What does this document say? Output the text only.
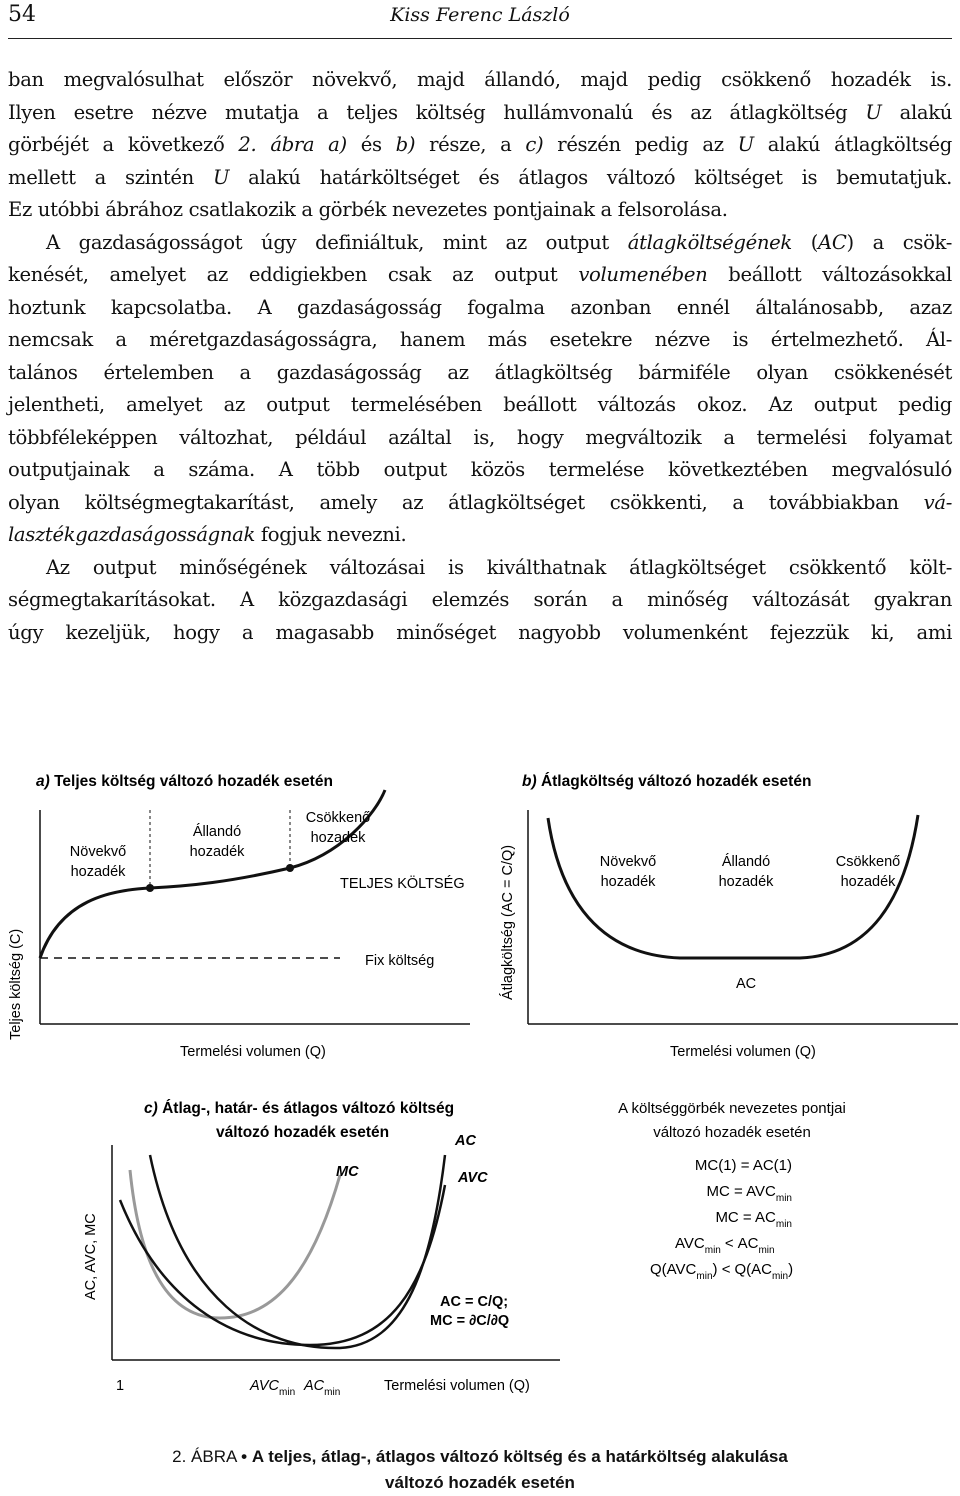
54	Kiss Ferenc László

ban megvalósulhat először növekvő, majd állandó, majd pedig csökkenő hozadék is.
Ilyen esetre nézve mutatja a teljes költség hullámvonalú és az átlagköltség U alakú
görbéjét a következő 2. ábra a) és b) része, a c) részén pedig az U alakú átlagköltség
mellett a szintén U alakú határköltséget és átlagos változó költséget is bemutatjuk.
Ez utóbbi ábrához csatlakozik a görbék nevezetes pontjainak a felsorolása.

A gazdaságosságot úgy definiáltuk, mint az output átlagköltségének (AC) a csök-
kenését, amelyet az eddigiekben csak az output volumenében beállott változásokkal
hoztunk kapcsolatba. A gazdaságosság fogalma azonban ennél általánosabb, azaz
nemcsak a méretgazdaságosságra, hanem más esetekre nézve is értelmezhető. Ál-
talános értelemben a gazdaságosság az átlagköltség bármiféle olyan csökkenését
jelentheti, amelyet az output termelésében beállott változás okoz. Az output pedig
többféleképpen változhat, például azáltal is, hogy megváltozik a termelési folyamat
outputjainak a száma. A több output közös termelése következtében megvalósuló
olyan költségmegtakarítást, amely az átlagköltséget csökkenti, a továbbiakban vá-
lasztékgazdaságosságnak fogjuk nevezni.

Az output minőségének változásai is kiválthatnak átlagköltséget csökkentő költ-
ségmegtakarításokat. A közgazdasági elemzés során a minőség változását gyakran
úgy kezeljük, hogy a magasabb minőséget nagyobb volumenként fejezzük ki, ami

a) Teljes költség változó hozadék esetén
Teljes költség (C)
Termelési volumen (Q)
Növekvő
hozadék
Állandó
hozadék
Csökkenő
hozadék
TELJES KÖLTSÉG
Fix költség
b) Átlagköltség változó hozadék esetén
Átlagköltség (AC = C/Q)
Termelési volumen (Q)
Növekvő
hozadék
Állandó
hozadék
Csökkenő
hozadék
AC
c) Átlag-, határ- és átlagos változó költség
változó hozadék esetén
AC, AVC, MC
AC
MC	AVC
AC = C/Q;
MC = ∂C/∂Q
1	$AVC_{min}$ $AC_{min}$	Termelési volumen (Q)
A költséggörbék nevezetes pontjai
változó hozadék esetén
MC(1) = AC(1)
MC = $AVC_{min}$
MC = $AC_{min}$
$AVC_{min} < AC_{min}$
$Q(AVC_{min}) < Q(AC_{min})$
2. ÁBRA • A teljes, átlag-, átlagos változó költség és a határköltség alakulása
változó hozadék esetén
